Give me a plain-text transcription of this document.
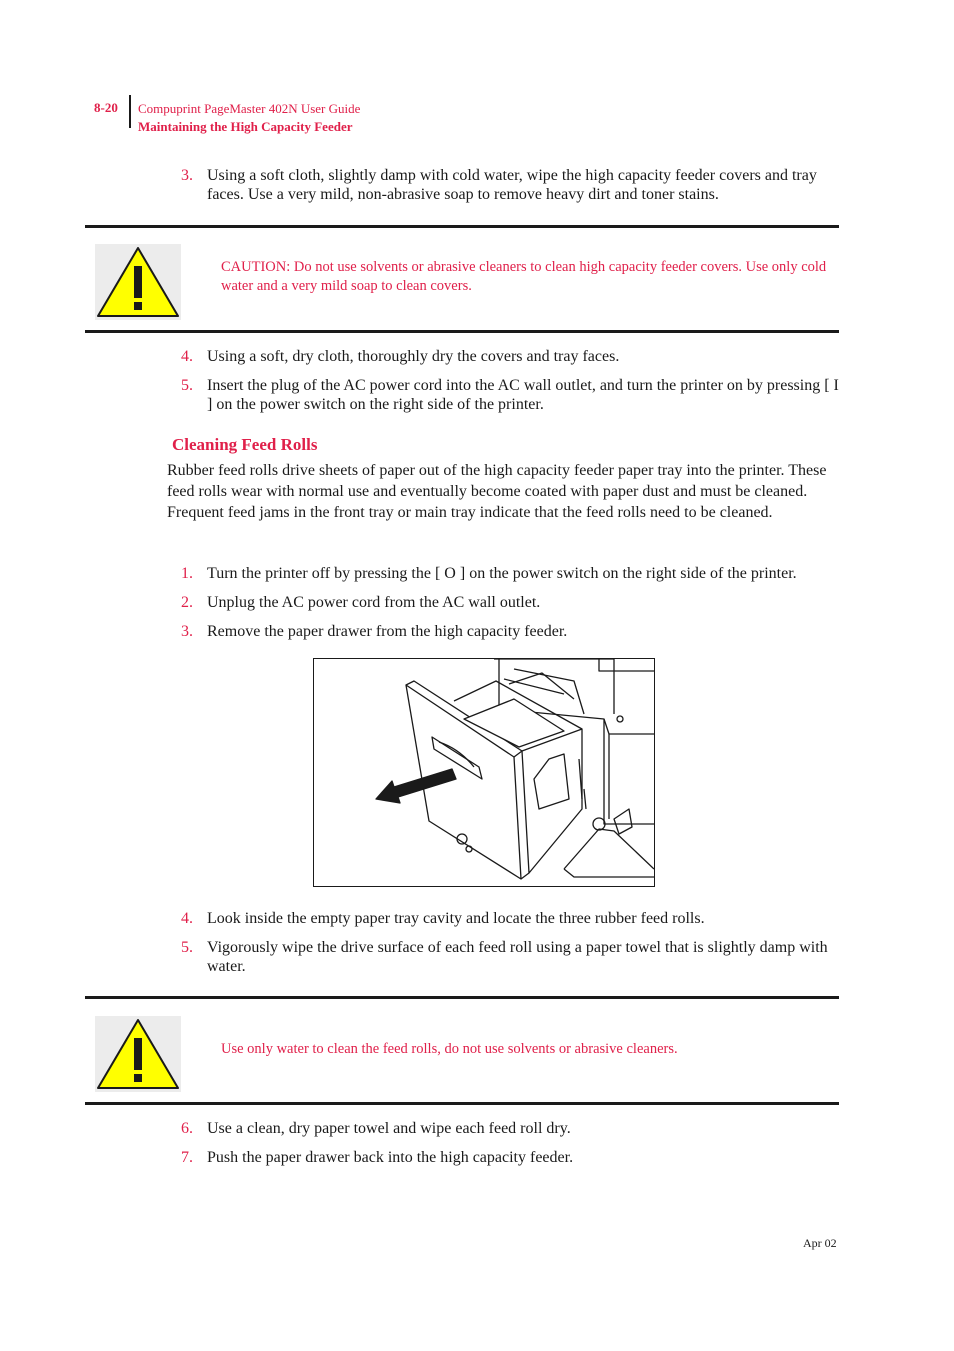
8-20 Compuprint PageMaster 402N User Guide
Maintaining the High Capacity Feeder
3. Using a soft cloth, slightly damp with cold water, wipe the high capacity feeder covers and tray faces. Use a very mild, non-abrasive soap to remove heavy dirt and toner stains.
CAUTION: Do not use solvents or abrasive cleaners to clean high capacity feeder covers. Use only cold water and a very mild soap to clean covers.
4. Using a soft, dry cloth, thoroughly dry the covers and tray faces.
5. Insert the plug of the AC power cord into the AC wall outlet, and turn the printer on by pressing [ I ] on the power switch on the right side of the printer.
Cleaning Feed Rolls
Rubber feed rolls drive sheets of paper out of the high capacity feeder paper tray into the printer. These feed rolls wear with normal use and eventually become coated with paper dust and must be cleaned. Frequent feed jams in the front tray or main tray indicate that the feed rolls need to be cleaned.
1. Turn the printer off by pressing the [ O ] on the power switch on the right side of the printer.
2. Unplug the AC power cord from the AC wall outlet.
3. Remove the paper drawer from the high capacity feeder.
4. Look inside the empty paper tray cavity and locate the three rubber feed rolls.
5. Vigorously wipe the drive surface of each feed roll using a paper towel that is slightly damp with water.
Use only water to clean the feed rolls, do not use solvents or abrasive cleaners.
6. Use a clean, dry paper towel and wipe each feed roll dry.
7. Push the paper drawer back into the high capacity feeder.
Apr 02
